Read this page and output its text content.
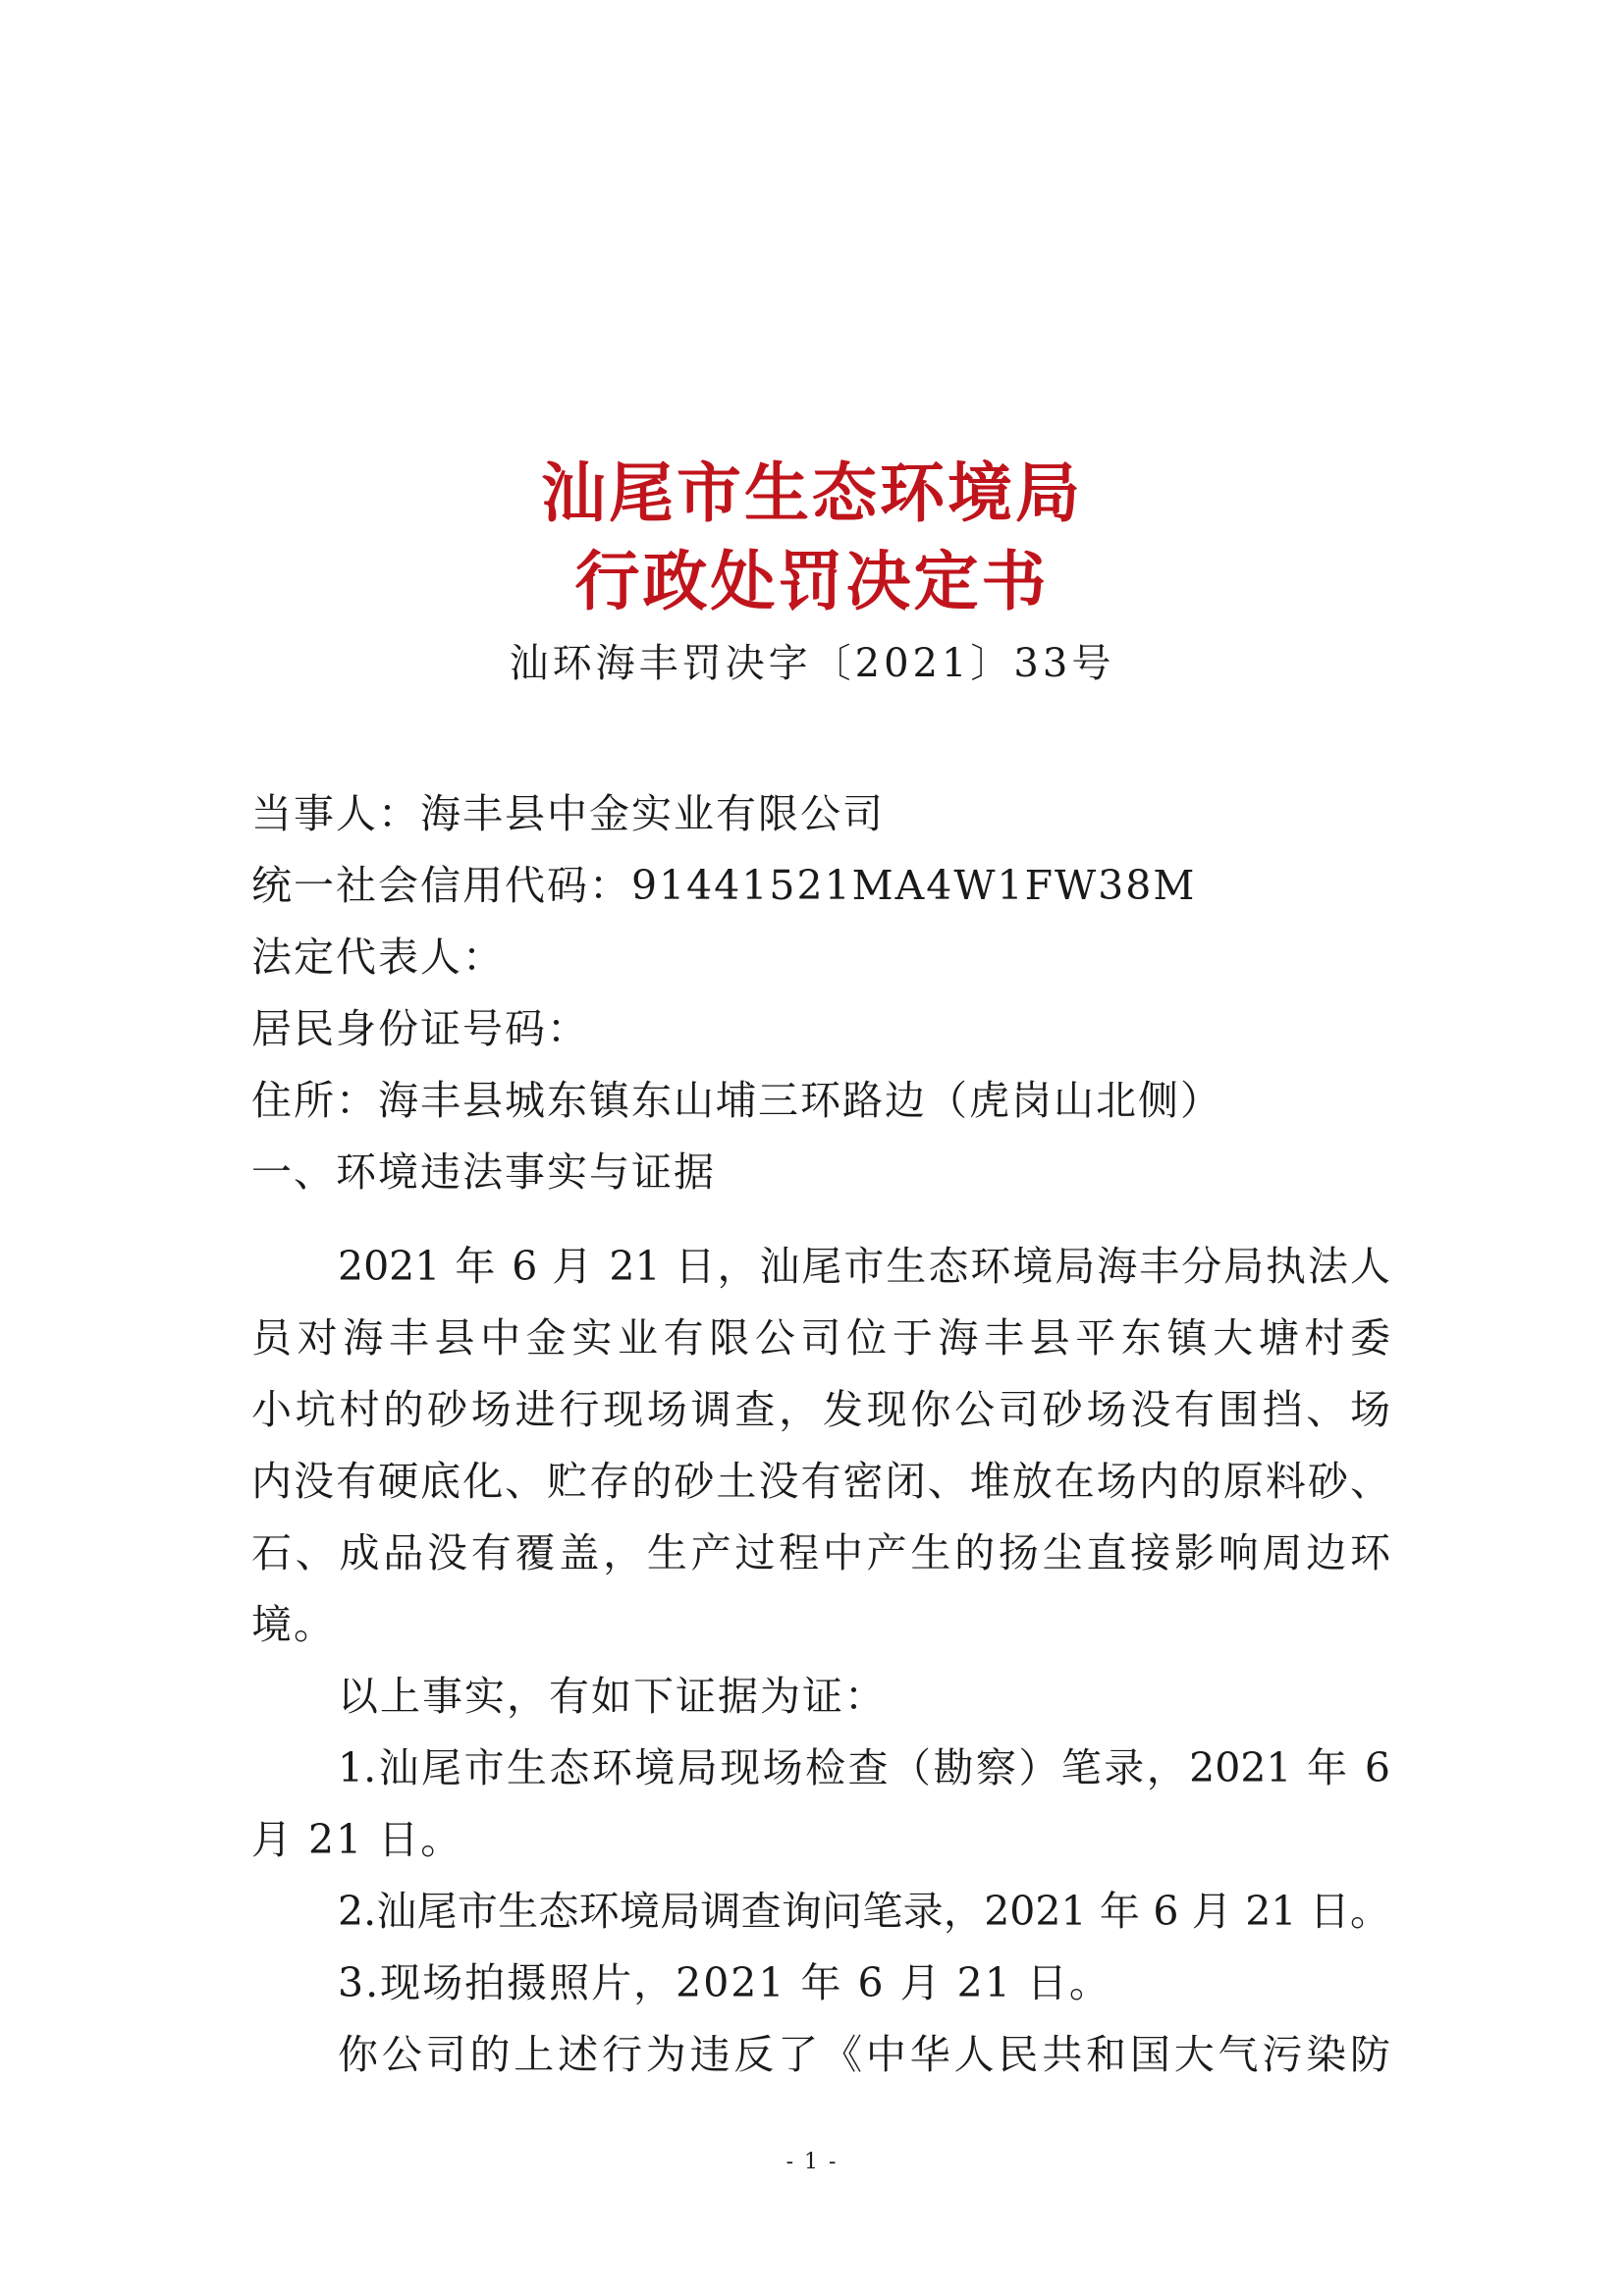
汕尾市生态环境局
行政处罚决定书
汕环海丰罚决字〔2021〕33号
当事人：海丰县中金实业有限公司
统一社会信用代码：91441521MA4W1FW38M
法定代表人：
居民身份证号码：
住所：海丰县城东镇东山埔三环路边（虎岗山北侧）
一、环境违法事实与证据
2021 年 6 月 21 日，汕尾市生态环境局海丰分局执法人
员对海丰县中金实业有限公司位于海丰县平东镇大塘村委
小坑村的砂场进行现场调查，发现你公司砂场没有围挡、场
内没有硬底化、贮存的砂土没有密闭、堆放在场内的原料砂、
石、成品没有覆盖，生产过程中产生的扬尘直接影响周边环
境。
以上事实，有如下证据为证：
1.汕尾市生态环境局现场检查（勘察）笔录，2021 年 6
月 21 日。
2.汕尾市生态环境局调查询问笔录，2021 年 6 月 21 日。
3.现场拍摄照片，2021 年 6 月 21 日。
你公司的上述行为违反了《中华人民共和国大气污染防
- 1 -
